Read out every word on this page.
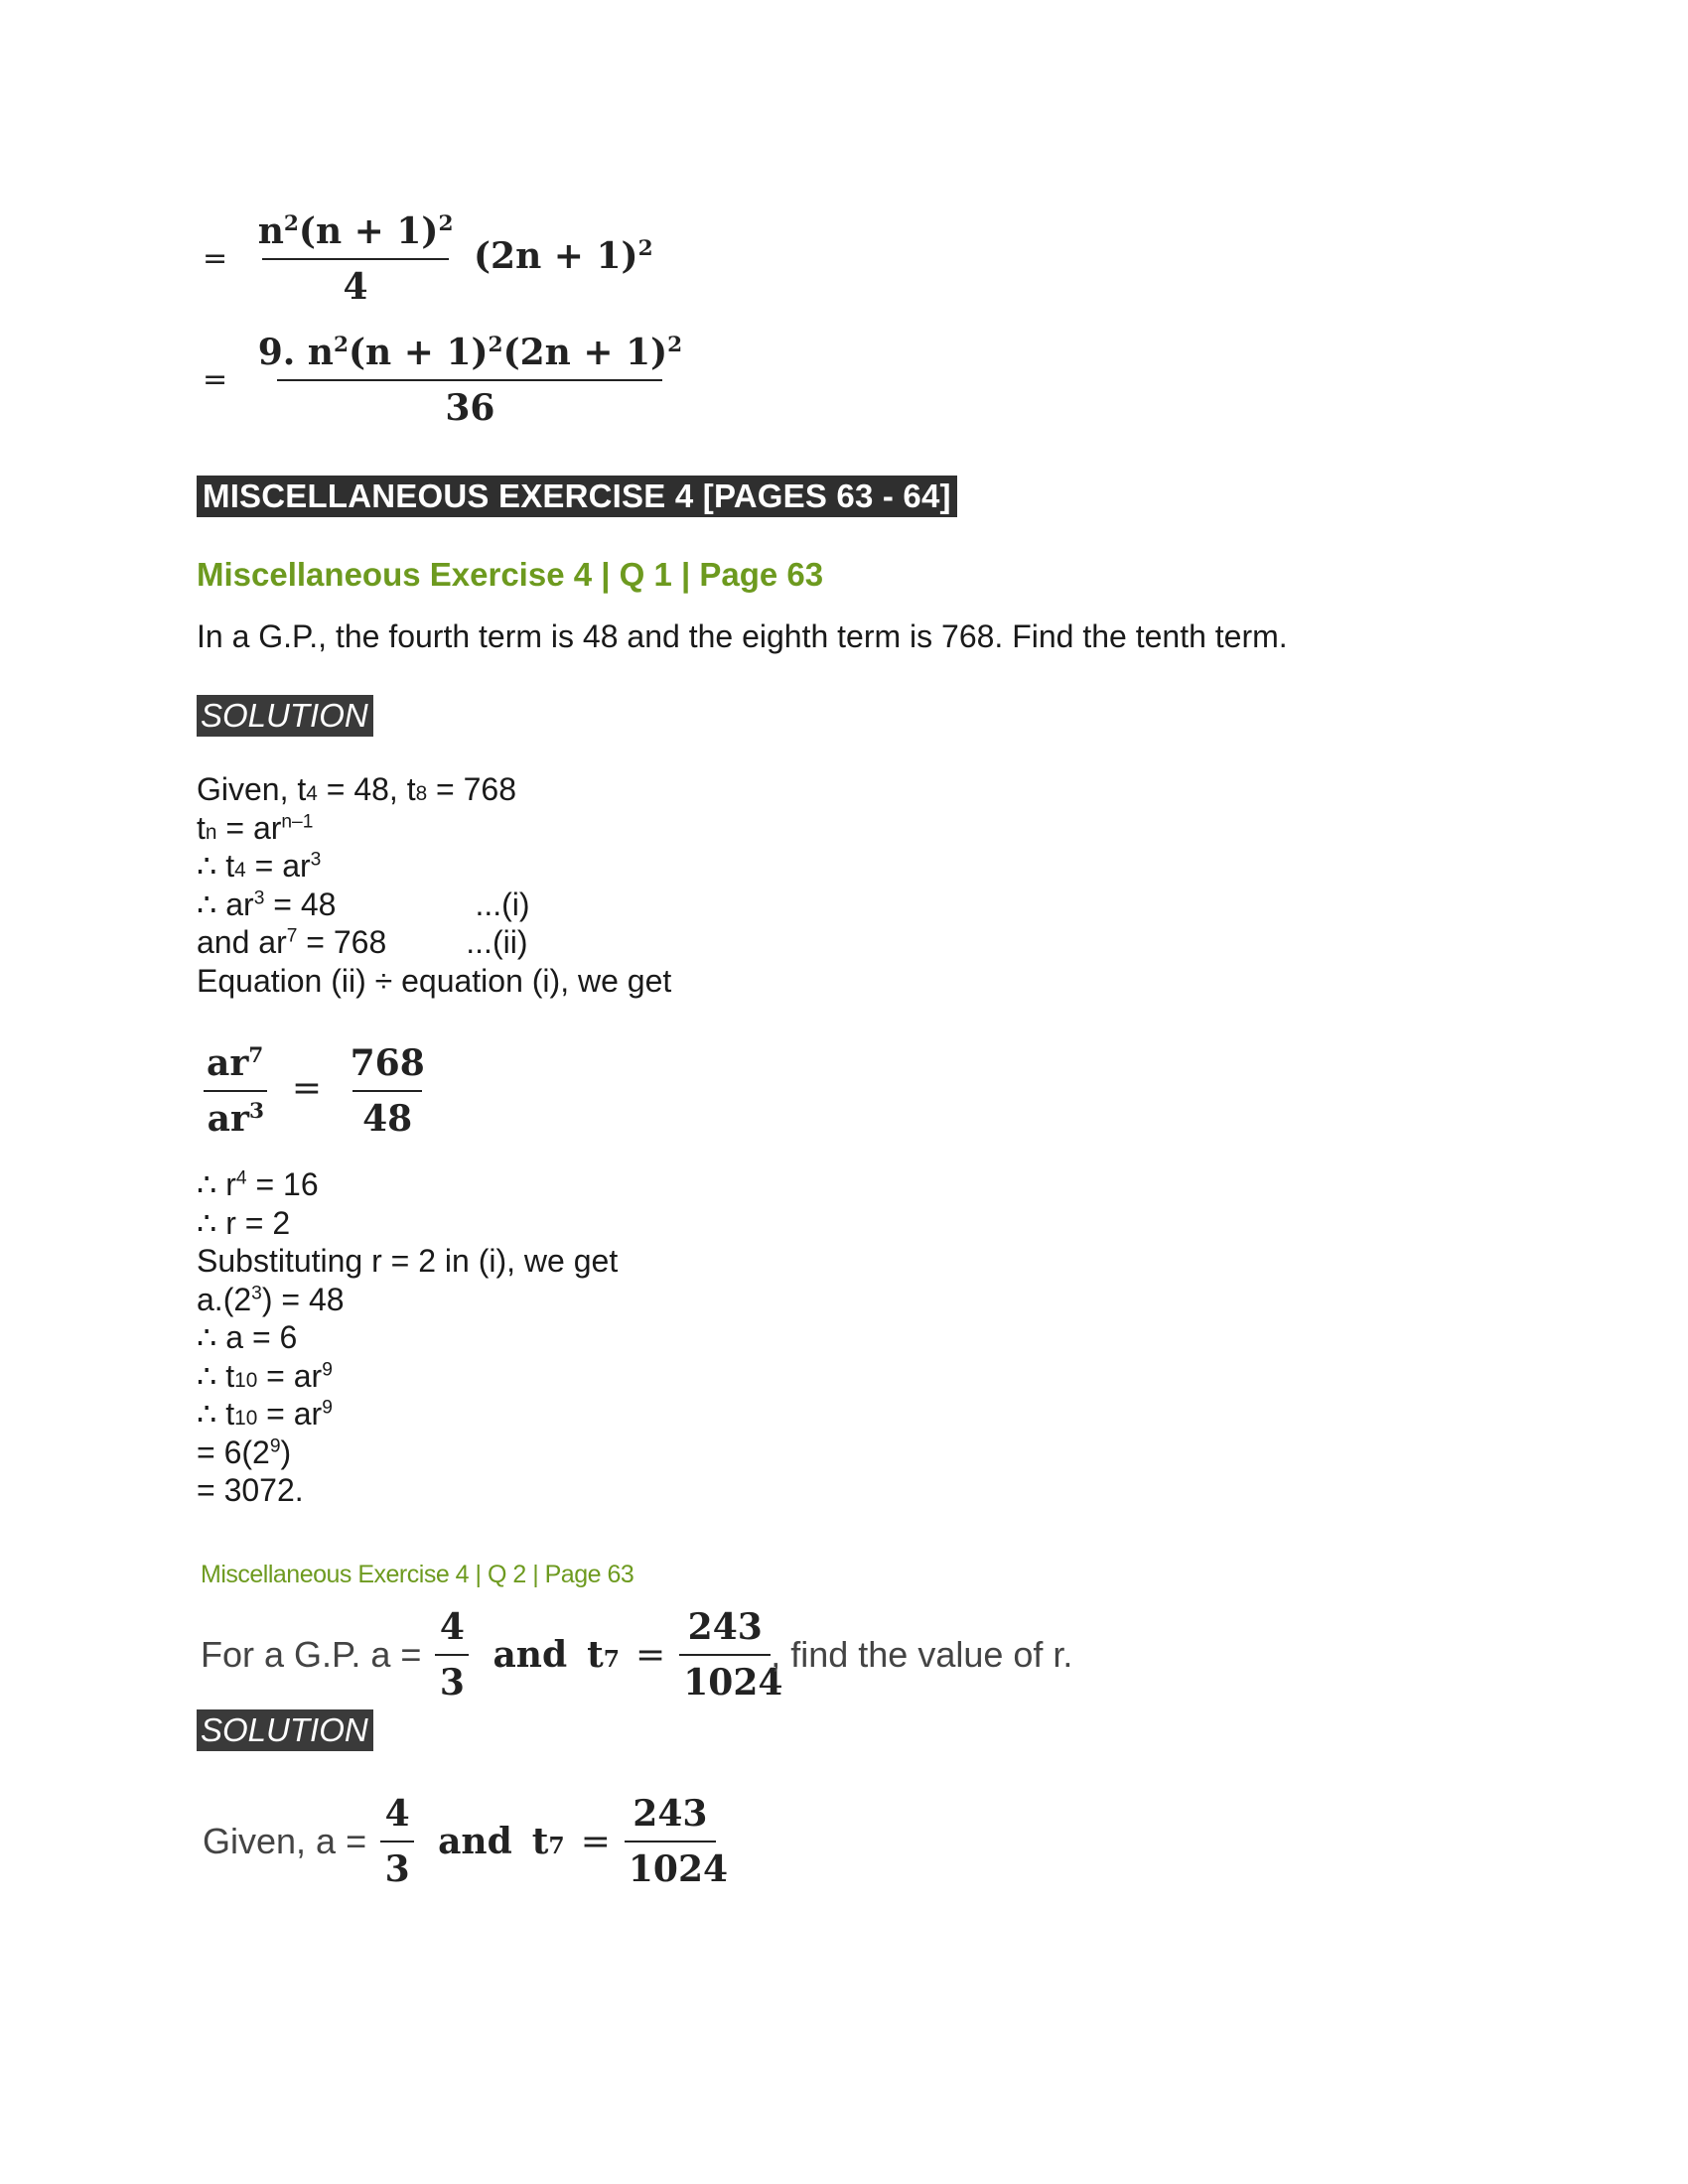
= $\frac{n^2(n + 1)^2}{4} (2n + 1)^2$
= $\frac{9. n^2(n + 1)^2(2n + 1)^2}{36}$
MISCELLANEOUS EXERCISE 4 [PAGES 63 - 64]
Miscellaneous Exercise 4 | Q 1 | Page 63
In a G.P., the fourth term is 48 and the eighth term is 768. Find the tenth term.
SOLUTION
Given, t4 = 48, t8 = 768
tn = $ar^{n-1}$
∴ $t4 = ar^3$
∴ $ar^3 = 48$	...(i)
and $ar^7 = 768$	...(ii)
Equation (ii) ÷ equation (i), we get
$\frac{ar^7}{ar^3} = \frac{768}{48}$
∴ $r^4 = 16$
∴ r = 2
Substituting r = 2 in (i), we get
$a.(2^3) = 48$
∴ a = 6
∴ $t10 = ar^9$
∴ $t10 = ar^9$
= $6(2^9)$
= 3072.
Miscellaneous Exercise 4 | Q 2 | Page 63
For a G.P. $a = \frac{4}{3}$ and $t7 = \frac{243}{1024}$ , find the value of r.
SOLUTION
Given, $a = \frac{4}{3}$ and $t7 = \frac{243}{1024}$
